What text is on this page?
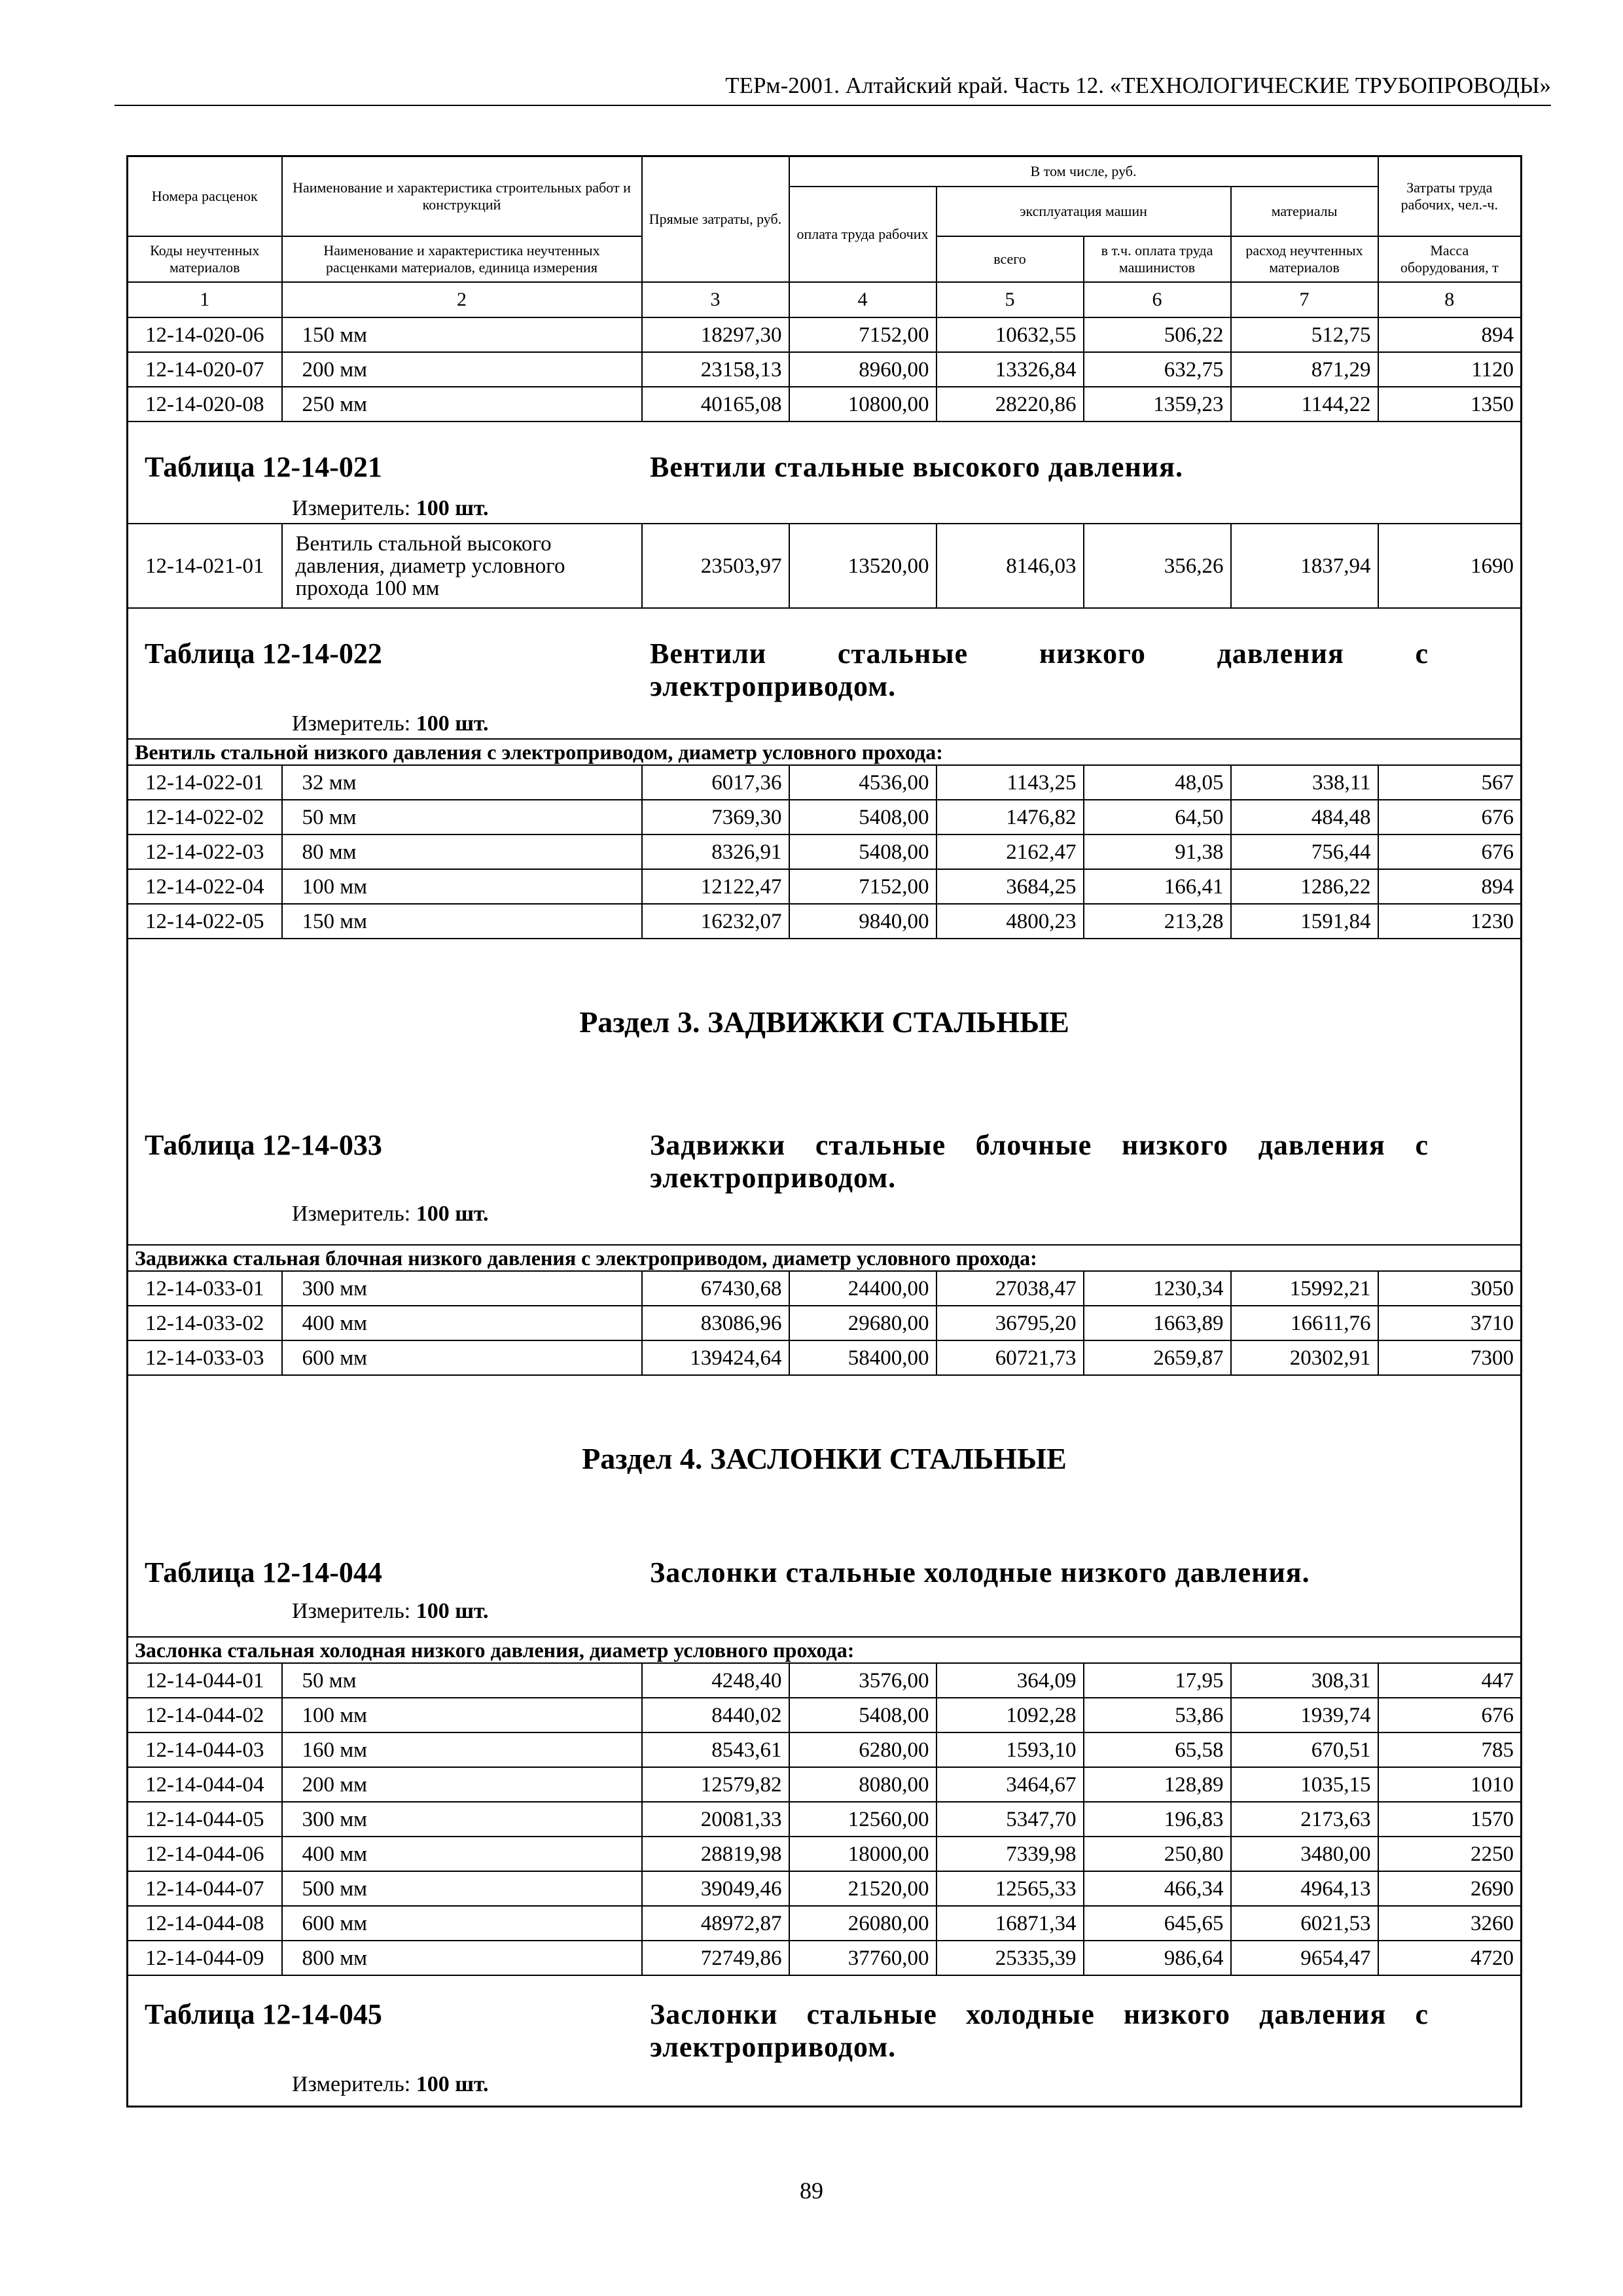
ТЕРм-2001. Алтайский край. Часть 12. «ТЕХНОЛОГИЧЕСКИЕ ТРУБОПРОВОДЫ»
Номера расценок	Наименование и характеристика строительных работ и конструкций	Прямые затраты, руб.	В том числе, руб.				Затраты труда рабочих, чел.-ч.
			оплата труда рабочих	эксплуатация машин		материалы	
Коды неучтенных материалов	Наименование и характеристика неучтенных расценками материалов, единица измерения			всего	в т.ч. оплата труда машинистов	расход неучтенных материалов	Масса оборудования, т
1	2	3	4	5	6	7	8
12-14-020-06	150 мм	18297,30	7152,00	10632,55	506,22	512,75	894
12-14-020-07	200 мм	23158,13	8960,00	13326,84	632,75	871,29	1120
12-14-020-08	250 мм	40165,08	10800,00	28220,86	1359,23	1144,22	1350

Таблица 12-14-021 Вентили стальные высокого давления.
Измеритель: 100 шт.							

12-14-021-01	Вентиль стальной высокого давления, диаметр условного прохода 100 мм	23503,97	13520,00	8146,03	356,26	1837,94	1690

Таблица 12-14-022 Вентили стальные низкого давления с электроприводом.
Измеритель: 100 шт.							

Вентиль стальной низкого давления с электроприводом, диаметр условного прохода:							
12-14-022-01	32 мм	6017,36	4536,00	1143,25	48,05	338,11	567
12-14-022-02	50 мм	7369,30	5408,00	1476,82	64,50	484,48	676
12-14-022-03	80 мм	8326,91	5408,00	2162,47	91,38	756,44	676
12-14-022-04	100 мм	12122,47	7152,00	3684,25	166,41	1286,22	894
12-14-022-05	150 мм	16232,07	9840,00	4800,23	213,28	1591,84	1230

Раздел 3. ЗАДВИЖКИ СТАЛЬНЫЕ
Таблица 12-14-033 Задвижки стальные блочные низкого давления с электроприводом.
Измеритель: 100 шт.							

Задвижка стальная блочная низкого давления с электроприводом, диаметр условного прохода:							
12-14-033-01	300 мм	67430,68	24400,00	27038,47	1230,34	15992,21	3050
12-14-033-02	400 мм	83086,96	29680,00	36795,20	1663,89	16611,76	3710
12-14-033-03	600 мм	139424,64	58400,00	60721,73	2659,87	20302,91	7300

Раздел 4. ЗАСЛОНКИ СТАЛЬНЫЕ
Таблица 12-14-044 Заслонки стальные холодные низкого давления.
Измеритель: 100 шт.							

Заслонка стальная холодная низкого давления, диаметр условного прохода:							
12-14-044-01	50 мм	4248,40	3576,00	364,09	17,95	308,31	447
12-14-044-02	100 мм	8440,02	5408,00	1092,28	53,86	1939,74	676
12-14-044-03	160 мм	8543,61	6280,00	1593,10	65,58	670,51	785
12-14-044-04	200 мм	12579,82	8080,00	3464,67	128,89	1035,15	1010
12-14-044-05	300 мм	20081,33	12560,00	5347,70	196,83	2173,63	1570
12-14-044-06	400 мм	28819,98	18000,00	7339,98	250,80	3480,00	2250
12-14-044-07	500 мм	39049,46	21520,00	12565,33	466,34	4964,13	2690
12-14-044-08	600 мм	48972,87	26080,00	16871,34	645,65	6021,53	3260
12-14-044-09	800 мм	72749,86	37760,00	25335,39	986,64	9654,47	4720

Таблица 12-14-045 Заслонки стальные холодные низкого давления с электроприводом.
Измеритель: 100 шт.							
89
